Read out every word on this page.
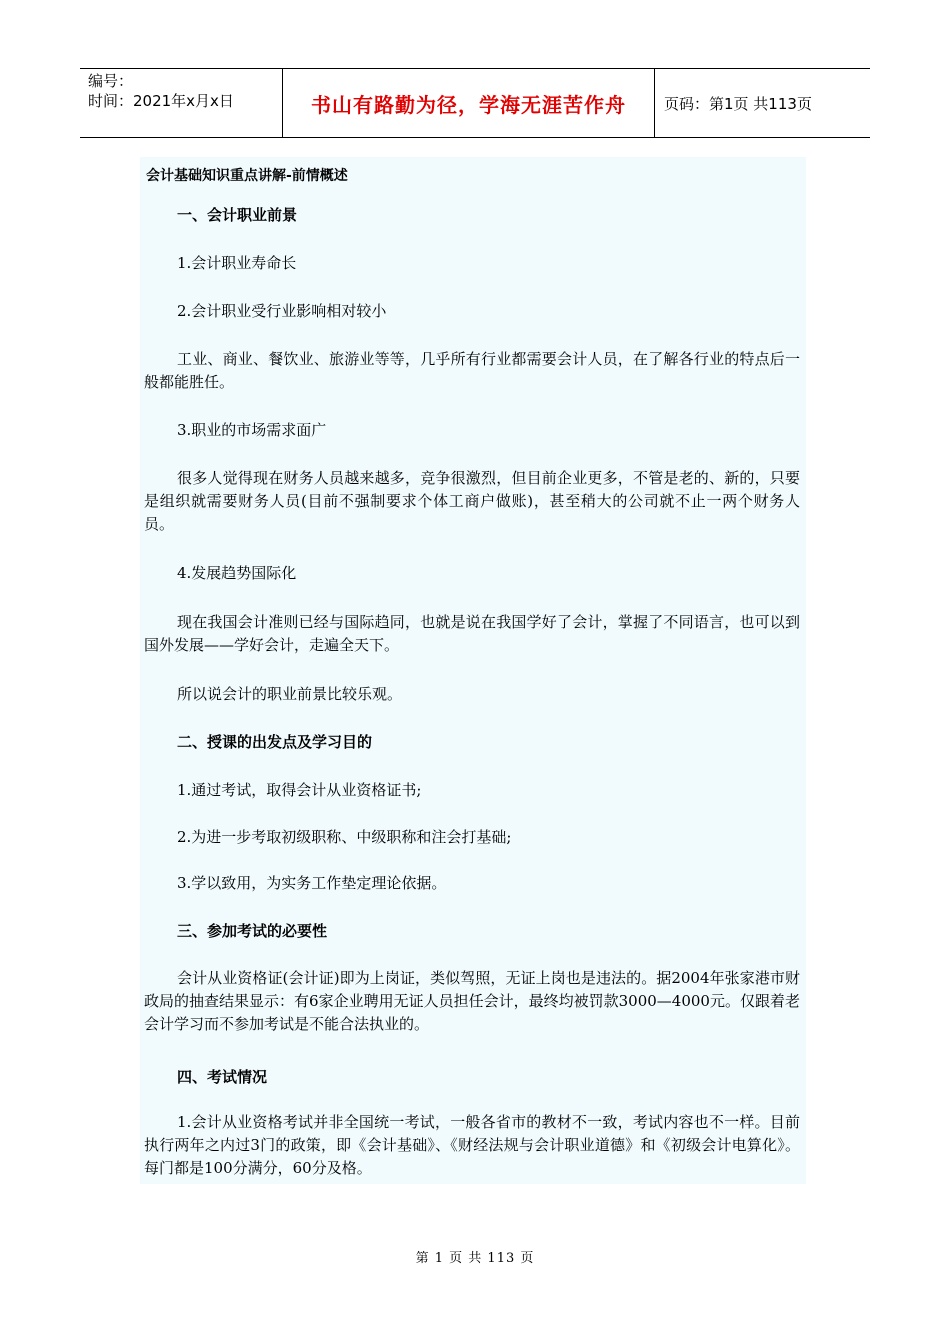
编号：
时间：2021年x月x日	书山有路勤为径，学海无涯苦作舟	页码：第1页 共113页
会计基础知识重点讲解-前情概述
一、会计职业前景
1.会计职业寿命长
2.会计职业受行业影响相对较小
工业、商业、餐饮业、旅游业等等，几乎所有行业都需要会计人员，在了解各行业的特点后一般都能胜任。
3.职业的市场需求面广
很多人觉得现在财务人员越来越多，竞争很激烈，但目前企业更多，不管是老的、新的，只要是组织就需要财务人员(目前不强制要求个体工商户做账)，甚至稍大的公司就不止一两个财务人员。
4.发展趋势国际化
现在我国会计准则已经与国际趋同，也就是说在我国学好了会计，掌握了不同语言，也可以到国外发展——学好会计，走遍全天下。
所以说会计的职业前景比较乐观。
二、授课的出发点及学习目的
1.通过考试，取得会计从业资格证书;
2.为进一步考取初级职称、中级职称和注会打基础;
3.学以致用，为实务工作垫定理论依据。
三、参加考试的必要性
会计从业资格证(会计证)即为上岗证，类似驾照，无证上岗也是违法的。据2004年张家港市财政局的抽查结果显示：有6家企业聘用无证人员担任会计，最终均被罚款3000—4000元。仅跟着老会计学习而不参加考试是不能合法执业的。
四、考试情况
1.会计从业资格考试并非全国统一考试，一般各省市的教材不一致，考试内容也不一样。目前执行两年之内过3门的政策，即《会计基础》、《财经法规与会计职业道德》和《初级会计电算化》。每门都是100分满分，60分及格。
第 1 页 共 113 页
